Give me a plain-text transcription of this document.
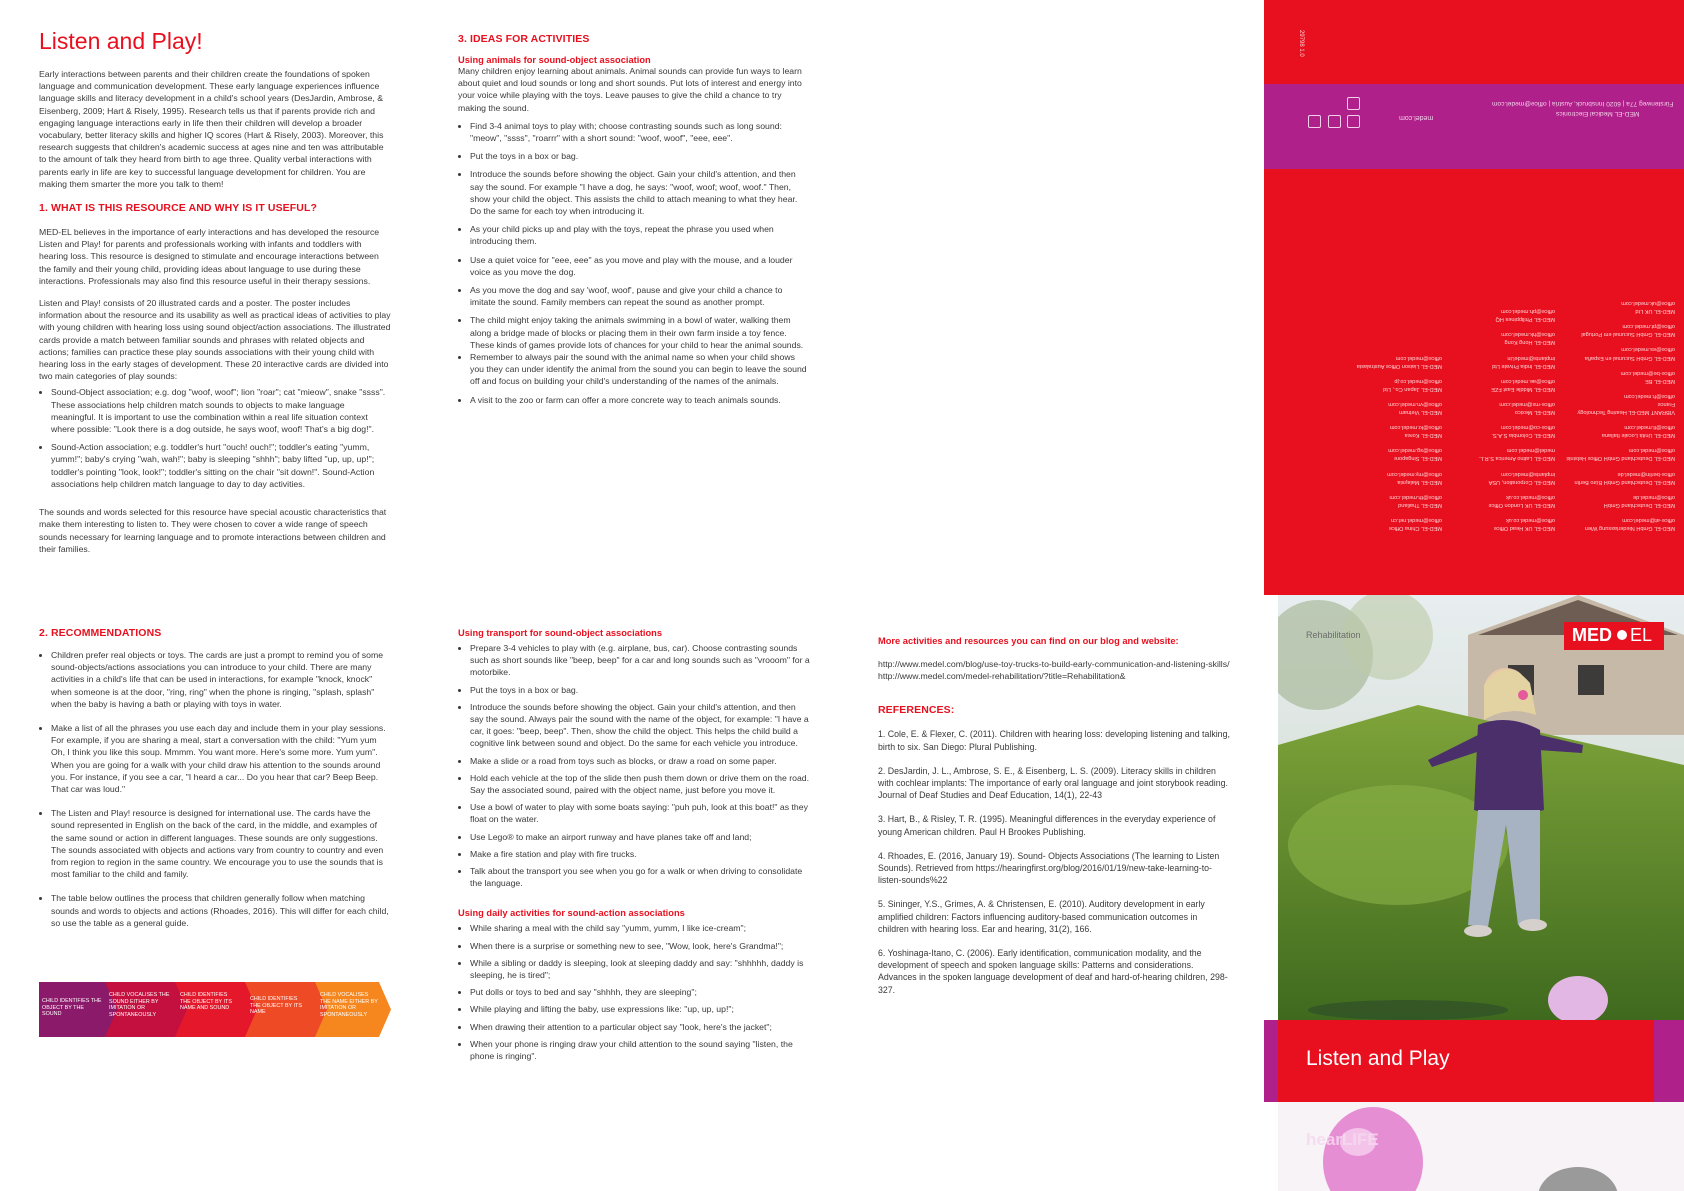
Listen and Play!

Early interactions between parents and their children create the foundations of spoken language and communication development. These early language experiences influence language skills and literacy development in a child's school years (DesJardin, Ambrose, & Eisenberg, 2009; Hart & Risely, 1995). Research tells us that if parents provide rich and engaging language interactions early in life then their children will develop a broader vocabulary, better literacy skills and higher IQ scores (Hart & Risely, 2003). Moreover, this research suggests that children's academic success at ages nine and ten was attributable to the amount of talk they heard from birth to age three. Quality verbal interactions with parents early in life are key to successful language development for children. You are making them smarter the more you talk to them!

1. WHAT IS THIS RESOURCE AND WHY IS IT USEFUL?

MED-EL believes in the importance of early interactions and has developed the resource Listen and Play! for parents and professionals working with infants and toddlers with hearing loss. This resource is designed to stimulate and encourage interactions between the family and their young child, providing ideas about language to use during these interactions. Professionals may also find this resource useful in their therapy sessions.

Listen and Play! consists of 20 illustrated cards and a poster. The poster includes information about the resource and its usability as well as practical ideas of activities to play with young children with hearing loss using sound object/action associations. The illustrated cards provide a match between familiar sounds and phrases with related objects and actions; families can practice these play sounds associations with their young child with hearing loss in the early stages of development. These 20 interactive cards are divided into two main categories of play sounds:

• Sound-Object association; e.g. dog "woof, woof"; lion "roar"; cat "mieow", snake "ssss". These associations help children match sounds to objects to make language meaningful. It is important to use the combination within a real life situation context where possible: "Look there is a dog outside, he says woof, woof! That's a big dog!".
• Sound-Action association; e.g. toddler's hurt "ouch! ouch!"; toddler's eating "yumm, yumm!"; baby's crying "wah, wah!"; baby is sleeping "shhh"; baby lifted "up, up, up!"; toddler's pointing "look, look!"; toddler's sitting on the chair "sit down!". Sound-Action associations help children match language to day to day activities.

The sounds and words selected for this resource have special acoustic characteristics that make them interesting to listen to. They were chosen to cover a wide range of speech sounds necessary for learning language and to promote interactions between children and their families.

2. RECOMMENDATIONS
• Children prefer real objects or toys. The cards are just a prompt to remind you of some sound-objects/actions associations you can introduce to your child. There are many activities in a child's life that can be used in interactions, for example "knock, knock" when someone is at the door, "ring, ring" when the phone is ringing, "splash, splash" when the baby is having a bath or playing with toys in water.
• Make a list of all the phrases you use each day and include them in your play sessions. For example, if you are sharing a meal, start a conversation with the child: "Yum yum Oh, I think you like this soup. Mmmm. You want more. Here's some more. Yum yum". When you are going for a walk with your child draw his attention to the sounds around you. For instance, if you see a car, "I heard a car... Do you hear that car? Beep Beep. That car was loud."
• The Listen and Play! resource is designed for international use. The cards have the sound represented in English on the back of the card, in the middle, and examples of the same sound or action in different languages. These sounds are only suggestions. The sounds associated with objects and actions vary from country to country and even from region to region in the same country. We encourage you to use the sounds that is most familiar to the child and family.
• The table below outlines the process that children generally follow when matching sounds and words to objects and actions (Rhoades, 2016). This will differ for each child, so use the table as a general guide.
CHILD IDENTIFIES THE OBJECT BY THE SOUND
CHILD VOCALISES THE SOUND EITHER BY IMITATION OR SPONTANEOUSLY
CHILD IDENTIFIES THE OBJECT BY ITS NAME AND SOUND
CHILD IDENTIFIES THE OBJECT BY ITS NAME
CHILD VOCALISES THE NAME EITHER BY IMITATION OR SPONTANEOUSLY
3. IDEAS FOR ACTIVITIES
Using animals for sound-object association

Many children enjoy learning about animals. Animal sounds can provide fun ways to learn about quiet and loud sounds or long and short sounds. Put lots of interest and energy into your voice while playing with the toys. Leave pauses to give the child a chance to try making the sound.

• Find 3-4 animal toys to play with; choose contrasting sounds such as long sound: "meow", "ssss", "roarrr" with a short sound: "woof, woof", "eee, eee".
• Put the toys in a box or bag.
• Introduce the sounds before showing the object. Gain your child's attention, and then say the sound. For example "I have a dog, he says: "woof, woof; woof, woof." Then, show your child the object. This assists the child to attach meaning to what they hear. Do the same for each toy when introducing it.
• As your child picks up and play with the toys, repeat the phrase you used when introducing them.
• Use a quiet voice for "eee, eee" as you move and play with the mouse, and a louder voice as you move the dog.
• As you move the dog and say 'woof, woof', pause and give your child a chance to imitate the sound. Family members can repeat the sound as another prompt.
• The child might enjoy taking the animals swimming in a bowl of water, walking them along a bridge made of blocks or placing them in their own farm inside a toy fence. These kinds of games provide lots of chances for your child to hear the animal sounds.
• Remember to always pair the sound with the animal name so when your child shows you they can under identify the animal from the sound you can begin to leave the sound off and focus on building your child's understanding of the names of the animals.
• A visit to the zoo or farm can offer a more concrete way to teach animals sounds.
Using transport for sound-object associations
• Prepare 3-4 vehicles to play with (e.g. airplane, bus, car). Choose contrasting sounds such as short sounds like "beep, beep" for a car and long sounds such as "vrooom" for a motorbike.
• Put the toys in a box or bag.
• Introduce the sounds before showing the object. Gain your child's attention, and then say the sound. Always pair the sound with the name of the object, for example: "I have a car, it goes: "beep, beep". Then, show the child the object. This helps the child build a cognitive link between sound and object. Do the same for each vehicle you introduce.
• Make a slide or a road from toys such as blocks, or draw a road on some paper.
• Hold each vehicle at the top of the slide then push them down or drive them on the road. Say the associated sound, paired with the object name, just before you move it.
• Use a bowl of water to play with some boats saying: "puh puh, look at this boat!" as they float on the water.
• Use Lego® to make an airport runway and have planes take off and land;
• Make a fire station and play with fire trucks.
• Talk about the transport you see when you go for a walk or when driving to consolidate the language.
Using daily activities for sound-action associations
• While sharing a meal with the child say "yumm, yumm, I like ice-cream";
• When there is a surprise or something new to see, "Wow, look, here's Grandma!";
• While a sibling or daddy is sleeping, look at sleeping daddy and say: "shhhhh, daddy is sleeping, he is tired";
• Put dolls or toys to bed and say "shhhh, they are sleeping";
• While playing and lifting the baby, use expressions like: "up, up, up!";
• When drawing their attention to a particular object say "look, here's the jacket";
• When your phone is ringing draw your child attention to the sound saying "listen, the phone is ringing".
More activities and resources you can find on our blog and website:

http://www.medel.com/blog/use-toy-trucks-to-build-early-communication-and-listening-skills/

http://www.medel.com/medel-rehabilitation/?title=Rehabilitation&

REFERENCES:

1. Cole, E. & Flexer, C. (2011). Children with hearing loss: developing listening and talking, birth to six. San Diego: Plural Publishing.

2. DesJardin, J. L., Ambrose, S. E., & Eisenberg, L. S. (2009). Literacy skills in children with cochlear implants: The importance of early oral language and joint storybook reading. Journal of Deaf Studies and Deaf Education, 14(1), 22-43

3. Hart, B., & Risley, T. R. (1995). Meaningful differences in the everyday experience of young American children. Paul H Brookes Publishing.

4. Rhoades, E. (2016, January 19). Sound- Objects Associations (The learning to Listen Sounds). Retrieved from https://hearingfirst.org/blog/2016/01/19/new-take-learning-to-listen-sounds%22

5. Sininger, Y.S., Grimes, A. & Christensen, E. (2010). Auditory development in early amplified children: Factors influencing auditory-based communication outcomes in children with hearing loss. Ear and hearing, 31(2), 166.

6. Yoshinaga-Itano, C. (2006). Early identification, communication modality, and the development of speech and spoken language skills: Patterns and considerations. Advances in the spoken language development of deaf and hard-of-hearing children, 298-327.

29798 1.0
medel.com

MED-EL Medical Electronics
Fürstenweg 77a | 6020 Innsbruck, Austria | office@medel.com
MED-EL GmbH Niederlassung Wien
office-at@medel.com
MED-EL Deutschland GmbH
office@medel.de
MED-EL Deutschland GmbH Büro Berlin
office-berlin@medel.de
MED-EL Deutschland GmbH Office Helsinki
office@medel.com
MED-EL Unità Locale Italiana
office@it.medel.com
VIBRANT MED-EL Hearing Technology France
office@fr.medel.com
MED-EL BE
office-be@medel.com
MED-EL GmbH Sucursal en España
office@es.medel.com
MED-EL GmbH Sucursal em Portugal
office@pt.medel.com
MED-EL UK Ltd
office@uk.medel.com
MED-EL UK Head Office
office@medel.co.uk
MED-EL UK London Office
office@medel.co.uk
MED-EL Corporation, USA
implants@medel.com
MED-EL Latino America S.R.L.
medel@medel.com
MED-EL Colombia S.A.S.
office-co@medel.com
MED-EL Mexico
office-mx@medel.com
MED-EL Middle East FZE
office@ae.medel.com
MED-EL India Private Ltd
implants@medel.in
MED-EL Hong Kong
office@hk.medel.com
MED-EL Philippines HQ
office@ph.medel.com
MED-EL China Office
office@medel.net.cn
MED-EL Thailand
office@th.medel.com
MED-EL Malaysia
office@my.medel.com
MED-EL Singapore
office@sg.medel.com
MED-EL Korea
office@kr.medel.com
MED-EL Vietnam
office@vn.medel.com
MED-EL Japan Co., Ltd
office@medel.co.jp
MED-EL Liaison Office Australasia
office@medel.com
Rehabilitation	MED EL
Listen and Play
hearLIFE
